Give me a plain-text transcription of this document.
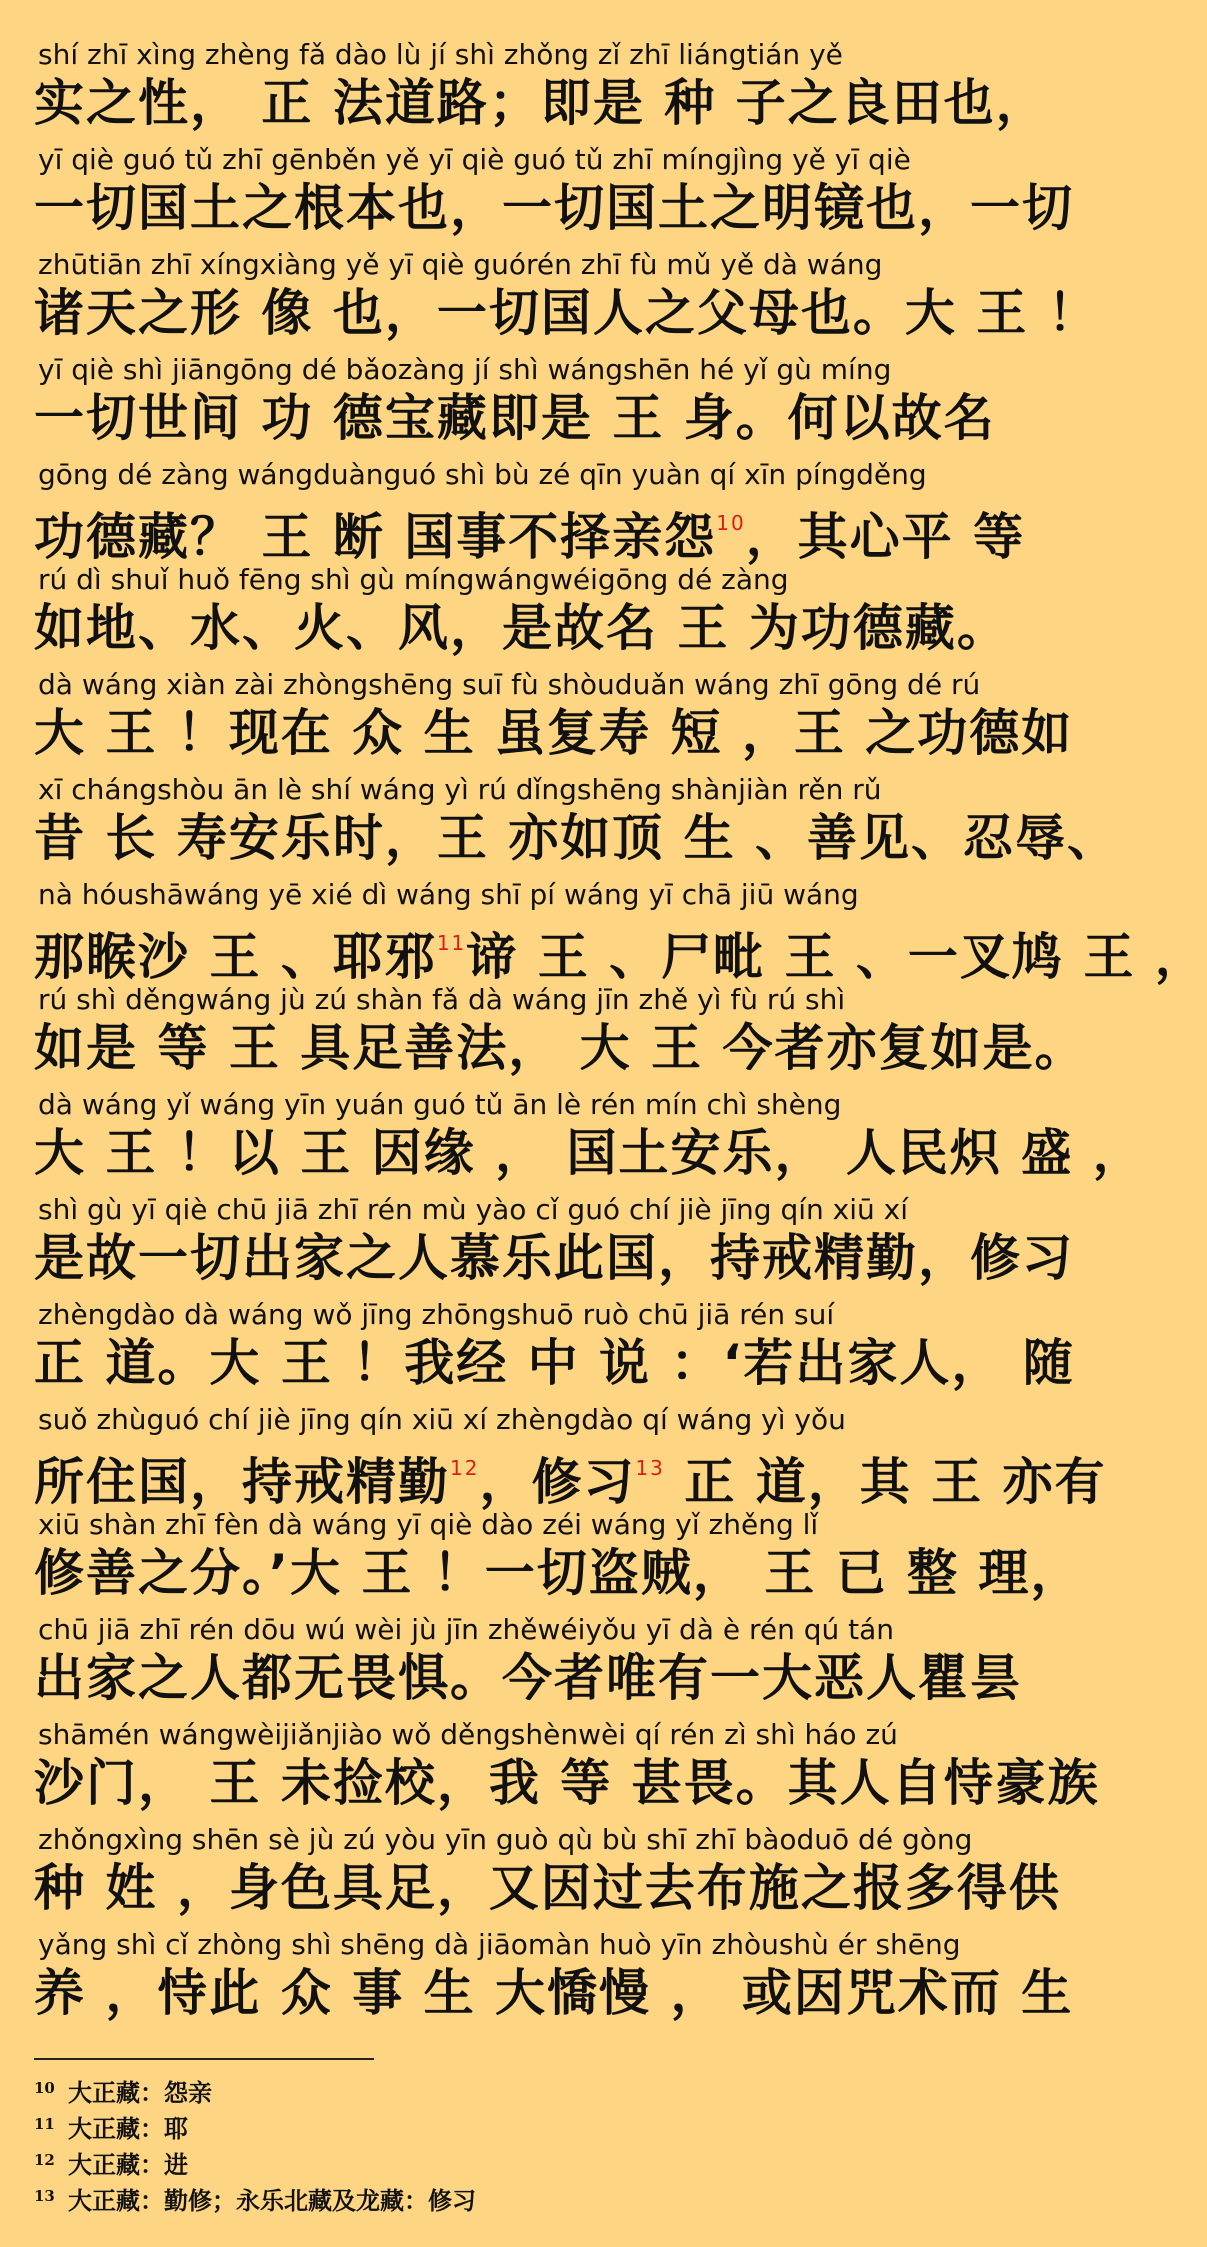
shí zhī xìng zhèng fǎ dào lù jí shì zhǒng zǐ zhī liángtián yě
实之性， 正 法道路；即是 种 子之良田也，
yī qiè guó tǔ zhī gēnběn yě yī qiè guó tǔ zhī míngjìng yě yī qiè
一切国土之根本也，一切国土之明镜也，一切
zhūtiān zhī xíngxiàng yě yī qiè guórén zhī fù mǔ yě dà wáng
诸天之形 像 也，一切国人之父母也。大 王 ！
yī qiè shì jiāngōng dé bǎozàng jí shì wángshēn hé yǐ gù míng
一切世间 功 德宝藏即是 王 身。何以故名
gōng dé zàng wángduànguó shì bù zé qīn yuàn qí xīn píngděng
功德藏？ 王 断 国事不择亲怨$^{10}$，其心平 等
rú dì shuǐ huǒ fēng shì gù míngwángwéigōng dé zàng
如地、水、火、风，是故名 王 为功德藏。
dà wáng xiàn zài zhòngshēng suī fù shòuduǎn wáng zhī gōng dé rú
大 王 ！现在 众 生 虽复寿 短 ，王 之功德如
xī chángshòu ān lè shí wáng yì rú dǐngshēng shànjiàn rěn rǔ
昔 长 寿安乐时，王 亦如顶 生 、善见、忍辱、
nà hóushāwáng yē xié dì wáng shī pí wáng yī chā jiū wáng
那睺沙 王 、耶邪$^{11}$谛 王 、尸毗 王 、一叉鸠 王 ，
rú shì děngwáng jù zú shàn fǎ dà wáng jīn zhě yì fù rú shì
如是 等 王 具足善法， 大 王 今者亦复如是。
dà wáng yǐ wáng yīn yuán guó tǔ ān lè rén mín chì shèng
大 王 ！以 王 因缘 ， 国土安乐， 人民炽 盛 ，
shì gù yī qiè chū jiā zhī rén mù yào cǐ guó chí jiè jīng qín xiū xí
是故一切出家之人慕乐此国，持戒精勤，修习
zhèngdào dà wáng wǒ jīng zhōngshuō ruò chū jiā rén suí
正 道。大 王 ！我经 中 说 ：‘若出家人， 随
suǒ zhùguó chí jiè jīng qín xiū xí zhèngdào qí wáng yì yǒu
所住国，持戒精勤$^{12}$，修习$^{13}$ 正 道，其 王 亦有
xiū shàn zhī fèn dà wáng yī qiè dào zéi wáng yǐ zhěng lǐ
修善之分。’大 王 ！一切盗贼， 王 已 整 理，
chū jiā zhī rén dōu wú wèi jù jīn zhěwéiyǒu yī dà è rén qú tán
出家之人都无畏惧。今者唯有一大恶人瞿昙
shāmén wángwèijiǎnjiào wǒ děngshènwèi qí rén zì shì háo zú
沙门， 王 未捡校，我 等 甚畏。其人自恃豪族
zhǒngxìng shēn sè jù zú yòu yīn guò qù bù shī zhī bàoduō dé gòng
种 姓 ，身色具足，又因过去布施之报多得供
yǎng shì cǐ zhòng shì shēng dà jiāomàn huò yīn zhòushù ér shēng
养 ，恃此 众 事 生 大憍慢 ， 或因咒术而 生
10 大正藏：怨亲
11 大正藏：耶
12 大正藏：进
13 大正藏：勤修；永乐北藏及龙藏：修习
